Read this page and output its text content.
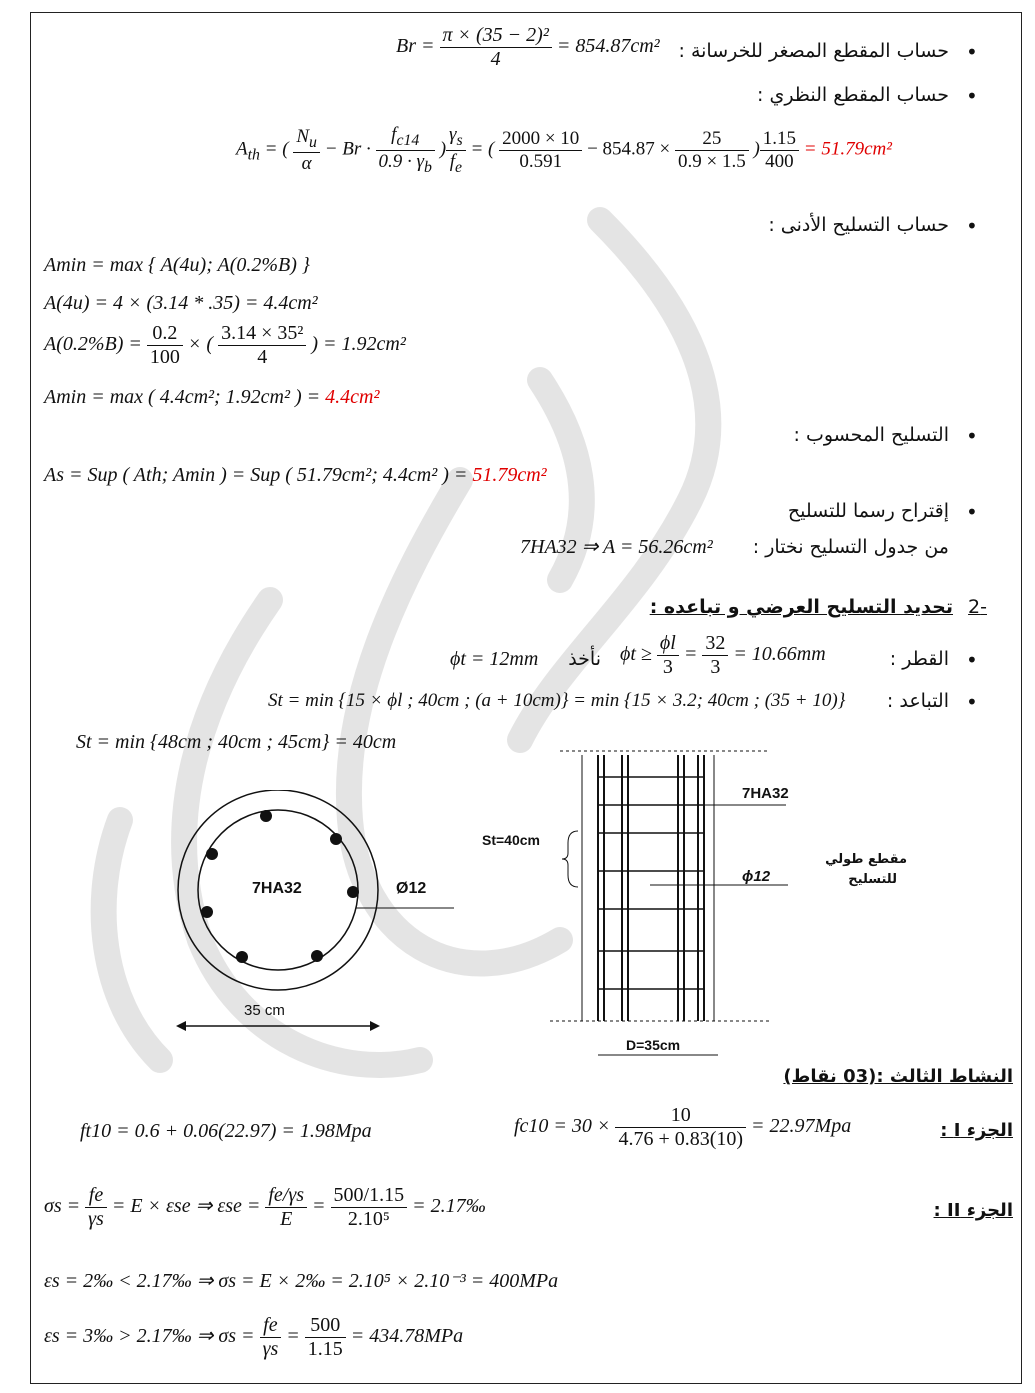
•
حساب المقطع المصغر للخرسانة :
$Br = \frac{\text{π × (35 − 2)²}}{4} = 854.87cm^2$
•
حساب المقطع النظري :
$A_{th}$ = ( $\frac{N_u}{\alpha} - Br \cdot \frac{f_{c14}}{0.9 \cdot \gamma_b}$ ) $\frac{\gamma_s}{f_e}$ = ( $\frac{2000 \times 10}{0.591} - 854.87 \times \frac{25}{0.9 \times 1.5}$ ) $\frac{1.15}{400} = 51.79cm^2$
•
حساب التسليح الأدنى :
Amin = max { A(4u); A(0.2%B) }
A(4u) = 4 × (3.14 * .35) = 4.4cm²
$A(0.2\%B) = \frac{0.2}{100}$ × ( $\frac{\text{3.14 × 35²}}{4}$ ) = 1.92cm²
Amin = max ( 4.4cm²; 1.92cm² ) = 4.4cm²
•
التسليح المحسوب :
As = Sup ( Ath; Amin ) = Sup ( 51.79cm²; 4.4cm² ) = 51.79cm²
•
إقتراح رسما للتسليح
من جدول التسليح نختار :
7HA32 ⇒ A = 56.26cm²
-2
تحديد التسليح العرضي و تباعده :
•
القطر :
$\phi t \ge \frac{\phi l}{3} = \frac{32}{3} = 10.66mm$
نأخذ
ϕt = 12mm
•
التباعد :
St = min {15 × ϕl ; 40cm ; (a + 10cm)} = min {15 × 3.2; 40cm ; (35 + 10)}
St = min {48cm ; 40cm ; 45cm} = 40cm
7HA32	Ø12
35 cm
7HA32
St=40cm
ϕ12
D=35cm
مقطع طولي
للتسليح
النشاط الثالث :(03 نقاط)
الجزء I :
$fc10 = 30 \times \frac{10}{4.76 + 0.83(10)} = 22.97Mpa$
ft10 = 0.6 + 0.06(22.97) = 1.98Mpa
الجزء II :
$\sigma s = \frac{fe}{\gamma s} = E \times \varepsilon se$ ⇒ $\varepsilon se = \frac{fe/\gamma s}{E} = \frac{500/1.15}{\text{2.10⁵}}$ = 2.17‰
εs = 2‰ < 2.17‰ ⇒ σs = E × 2‰ = 2.10⁵ × 2.10⁻³ = 400MPa
εs = 3‰ > 2.17‰ ⇒ $\sigma s = \frac{fe}{\gamma s} = \frac{500}{1.15} = 434.78MPa$
